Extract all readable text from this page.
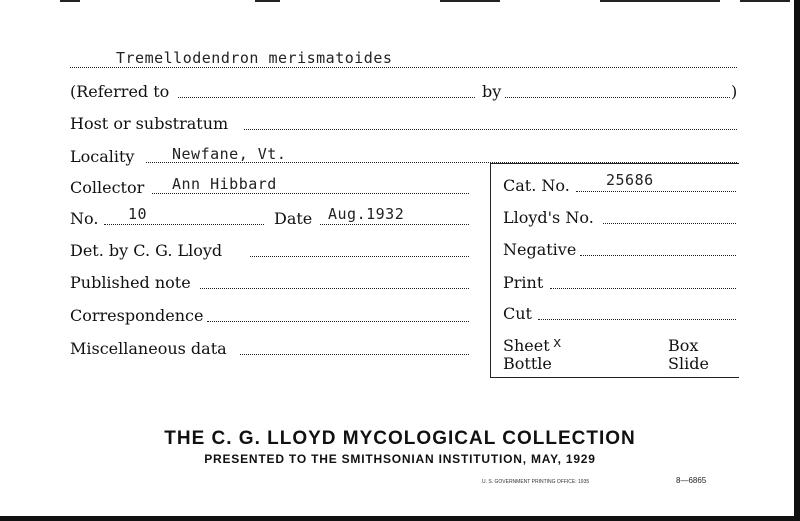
Tremellodendron merismatoides
(Referred to	by	)
Host or substratum
Locality	Newfane, Vt.
Collector Ann Hibbard
No. 10	Date Aug.1932
Det. by C. G. Lloyd
Published note
Correspondence
Miscellaneous data
Cat. No. 25686
Lloyd's No.
Negative
Print
Cut
Sheet x	Box
Bottle	Slide
THE C. G. LLOYD MYCOLOGICAL COLLECTION
PRESENTED TO THE SMITHSONIAN INSTITUTION, MAY, 1929
U. S. GOVERNMENT PRINTING OFFICE: 1935	8—6865
